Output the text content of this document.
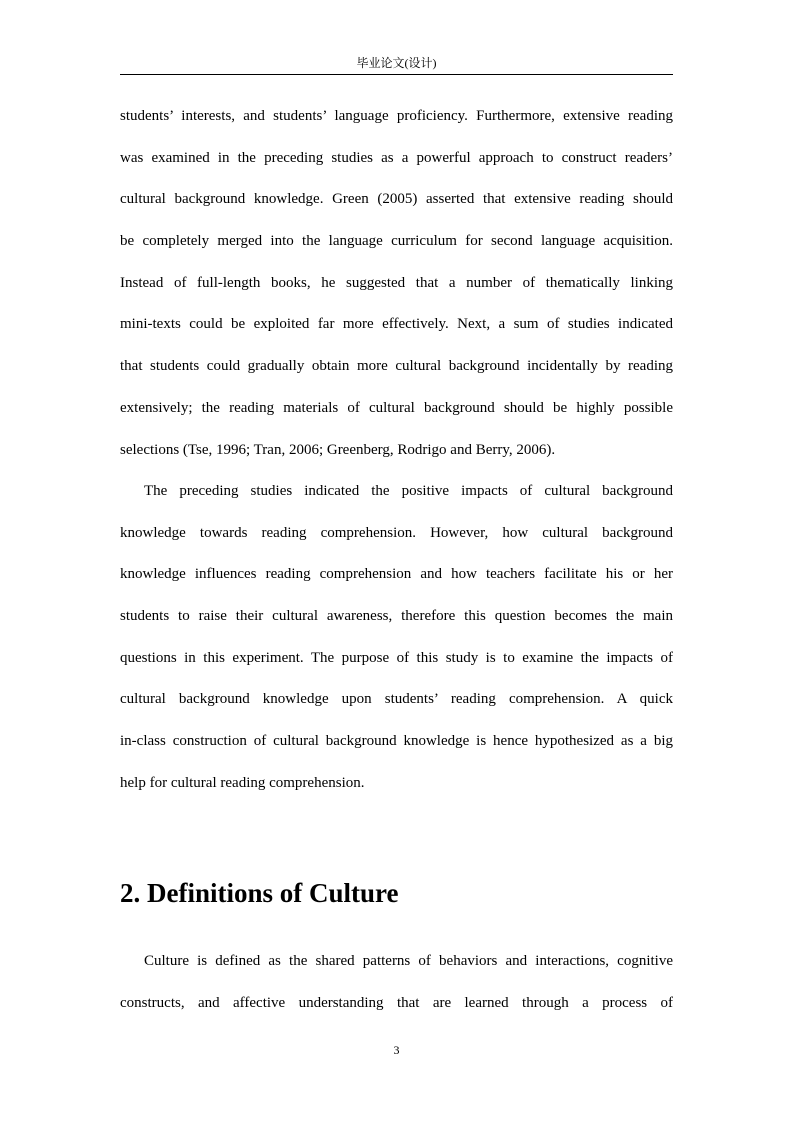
毕业论文(设计)
students’ interests, and students’ language proficiency. Furthermore, extensive reading
was examined in the preceding studies as a powerful approach to construct readers’
cultural background knowledge. Green (2005) asserted that extensive reading should
be completely merged into the language curriculum for second language acquisition.
Instead of full-length books, he suggested that a number of thematically linking
mini-texts could be exploited far more effectively. Next, a sum of studies indicated
that students could gradually obtain more cultural background incidentally by reading
extensively; the reading materials of cultural background should be highly possible
selections (Tse, 1996; Tran, 2006; Greenberg, Rodrigo and Berry, 2006).
The preceding studies indicated the positive impacts of cultural background
knowledge towards reading comprehension. However, how cultural background
knowledge influences reading comprehension and how teachers facilitate his or her
students to raise their cultural awareness, therefore this question becomes the main
questions in this experiment. The purpose of this study is to examine the impacts of
cultural background knowledge upon students’ reading comprehension. A quick
in-class construction of cultural background knowledge is hence hypothesized as a big
help for cultural reading comprehension.
2. Definitions of Culture
Culture is defined as the shared patterns of behaviors and interactions, cognitive
constructs, and affective understanding that are learned through a process of
3
